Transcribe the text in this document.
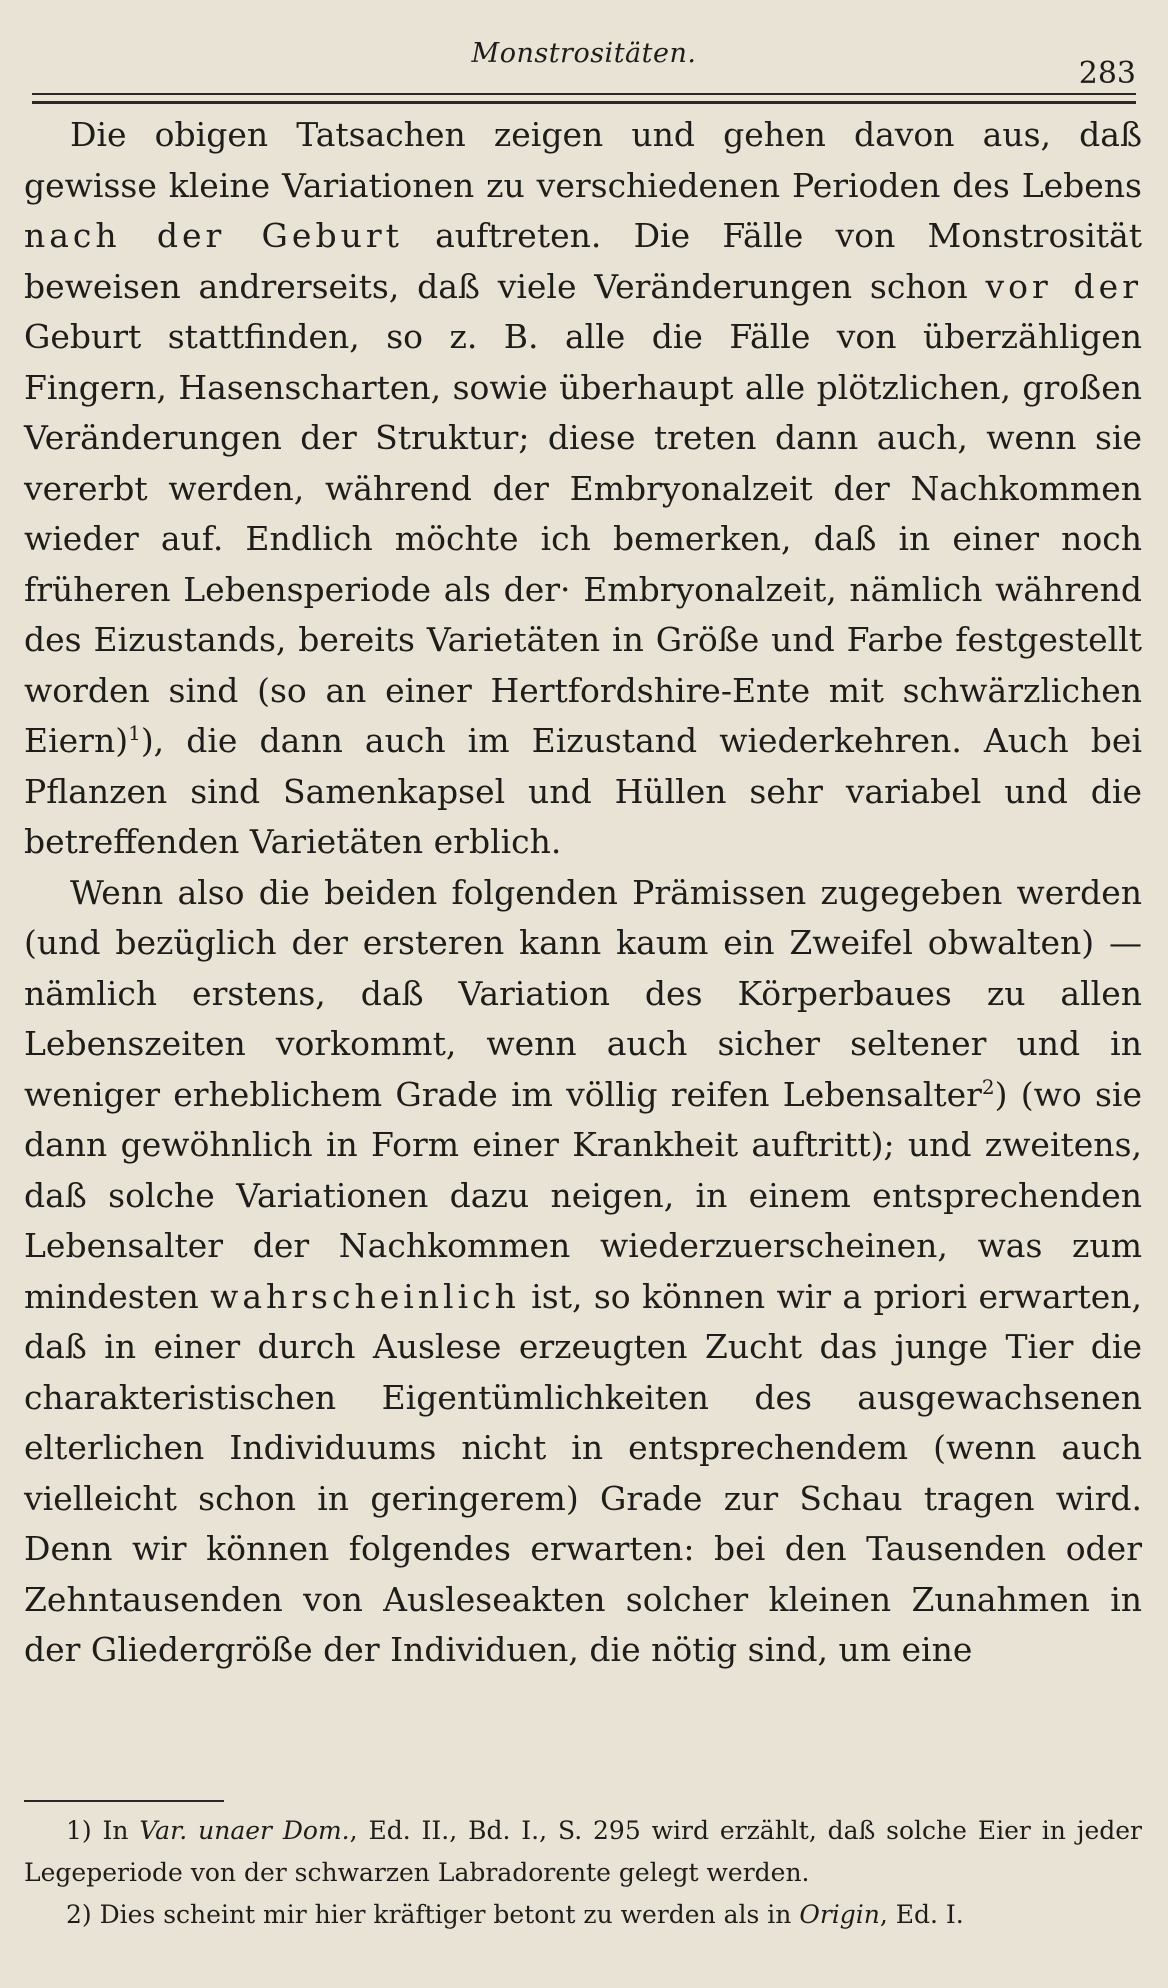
Monstrositäten.
283

Die obigen Tatsachen zeigen und gehen davon aus, daß gewisse kleine Variationen zu verschiedenen Perioden des Lebens nach der Geburt auftreten. Die Fälle von Monstrosität beweisen andrerseits, daß viele Veränderungen schon vor der Geburt stattfinden, so z. B. alle die Fälle von überzähligen Fingern, Hasenscharten, sowie überhaupt alle plötzlichen, großen Veränderungen der Struktur; diese treten dann auch, wenn sie vererbt werden, während der Embryonalzeit der Nachkommen wieder auf. Endlich möchte ich bemerken, daß in einer noch früheren Lebensperiode als der· Embryonalzeit, nämlich während des Eizustands, bereits Varietäten in Größe und Farbe festgestellt worden sind (so an einer Hertfordshire-Ente mit schwärzlichen Eiern)$^1$), die dann auch im Eizustand wiederkehren. Auch bei Pflanzen sind Samenkapsel und Hüllen sehr variabel und die betreffenden Varietäten erblich.

Wenn also die beiden folgenden Prämissen zugegeben werden (und bezüglich der ersteren kann kaum ein Zweifel obwalten) — nämlich erstens, daß Variation des Körperbaues zu allen Lebenszeiten vorkommt, wenn auch sicher seltener und in weniger erheblichem Grade im völlig reifen Lebensalter$^2$) (wo sie dann gewöhnlich in Form einer Krankheit auftritt); und zweitens, daß solche Variationen dazu neigen, in einem entsprechenden Lebensalter der Nachkommen wiederzuerscheinen, was zum mindesten wahrscheinlich ist, so können wir a priori erwarten, daß in einer durch Auslese erzeugten Zucht das junge Tier die charakteristischen Eigentümlichkeiten des ausgewachsenen elterlichen Individuums nicht in entsprechendem (wenn auch vielleicht schon in geringerem) Grade zur Schau tragen wird. Denn wir können folgendes erwarten: bei den Tausenden oder Zehntausenden von Ausleseakten solcher kleinen Zunahmen in der Gliedergröße der Individuen, die nötig sind, um eine

1) In Var. unaer Dom., Ed. II., Bd. I., S. 295 wird erzählt, daß solche Eier in jeder Legeperiode von der schwarzen Labradorente gelegt werden.

2) Dies scheint mir hier kräftiger betont zu werden als in Origin, Ed. I.
